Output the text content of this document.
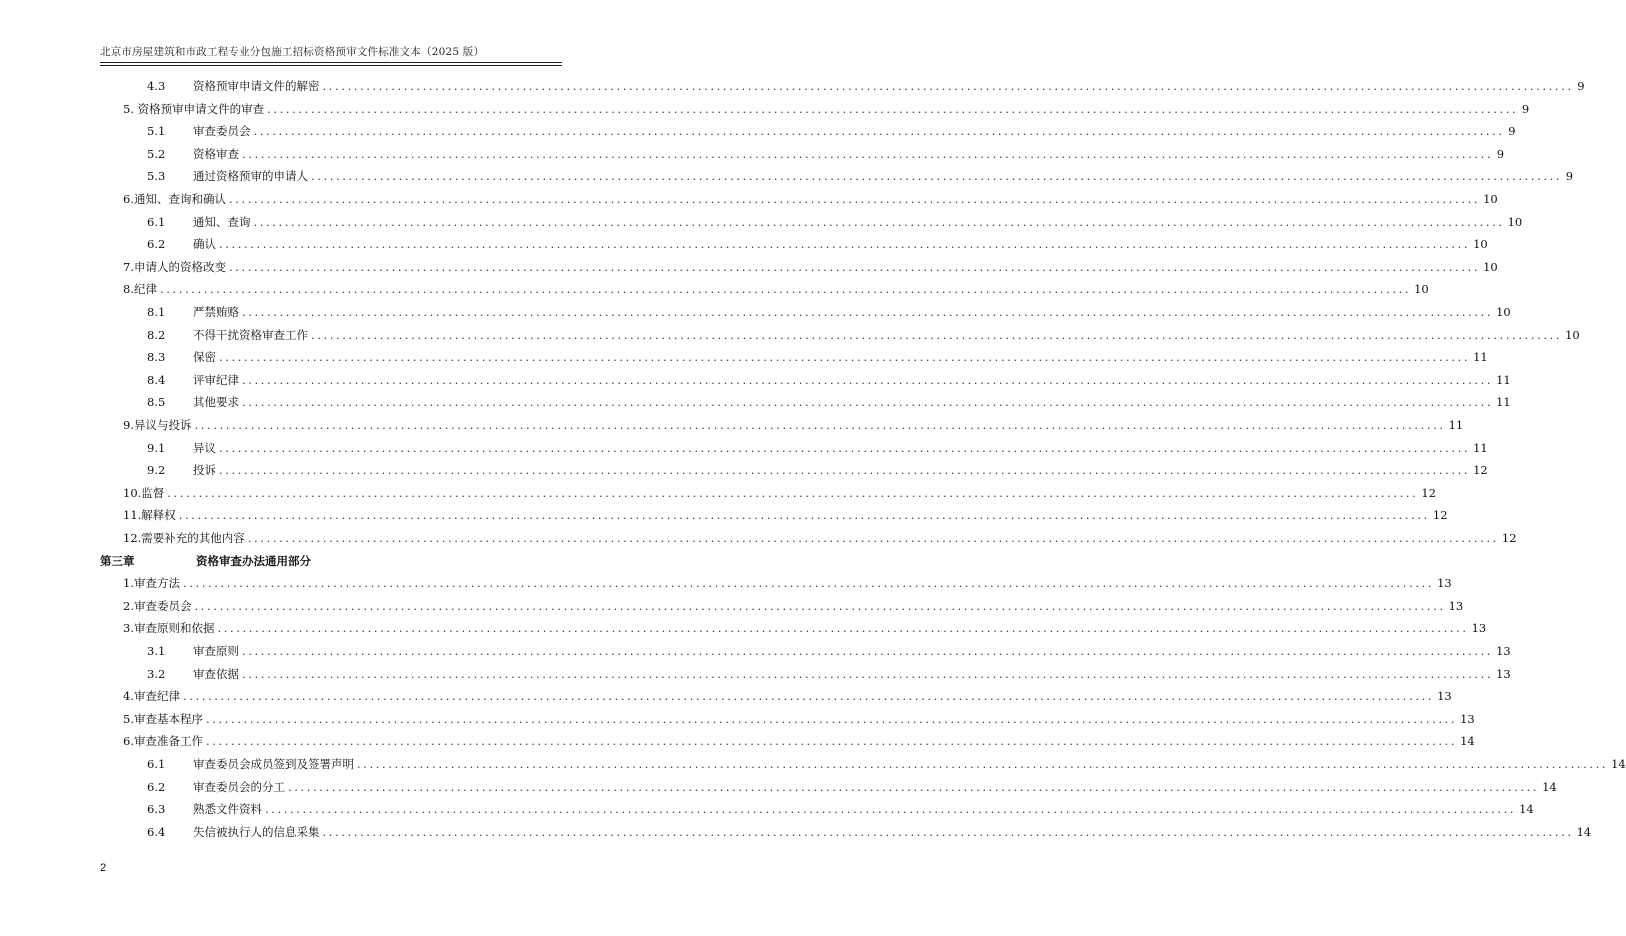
北京市房屋建筑和市政工程专业分包施工招标资格预审文件标准文本（2025 版）
4.3	资格预审申请文件的解密 ........................................................................................................................................................................................................ 9
5. 资格预审申请文件的审查 ........................................................................................................................................................................................................ 9
5.1	审查委员会 ........................................................................................................................................................................................................ 9
5.2	资格审查 ........................................................................................................................................................................................................ 9
5.3	通过资格预审的申请人 ........................................................................................................................................................................................................ 9
6.通知、查询和确认 ........................................................................................................................................................................................................ 10
6.1	通知、查询 ........................................................................................................................................................................................................ 10
6.2	确认 ........................................................................................................................................................................................................ 10
7.申请人的资格改变 ........................................................................................................................................................................................................ 10
8.纪律 ........................................................................................................................................................................................................ 10
8.1	严禁贿赂 ........................................................................................................................................................................................................ 10
8.2	不得干扰资格审查工作 ........................................................................................................................................................................................................ 10
8.3	保密 ........................................................................................................................................................................................................ 11
8.4	评审纪律 ........................................................................................................................................................................................................ 11
8.5	其他要求 ........................................................................................................................................................................................................ 11
9.异议与投诉 ........................................................................................................................................................................................................ 11
9.1	异议 ........................................................................................................................................................................................................ 11
9.2	投诉 ........................................................................................................................................................................................................ 12
10.监督 ........................................................................................................................................................................................................ 12
11.解释权 ........................................................................................................................................................................................................ 12
12.需要补充的其他内容 ........................................................................................................................................................................................................ 12
第三章	资格审查办法通用部分
1.审查方法 ........................................................................................................................................................................................................ 13
2.审查委员会 ........................................................................................................................................................................................................ 13
3.审查原则和依据 ........................................................................................................................................................................................................ 13
3.1	审查原则 ........................................................................................................................................................................................................ 13
3.2	审查依据 ........................................................................................................................................................................................................ 13
4.审查纪律 ........................................................................................................................................................................................................ 13
5.审查基本程序 ........................................................................................................................................................................................................ 13
6.审查准备工作 ........................................................................................................................................................................................................ 14
6.1	审查委员会成员签到及签署声明 ........................................................................................................................................................................................................ 14
6.2	审查委员会的分工 ........................................................................................................................................................................................................ 14
6.3	熟悉文件资料 ........................................................................................................................................................................................................ 14
6.4	失信被执行人的信息采集 ........................................................................................................................................................................................................ 14
2
